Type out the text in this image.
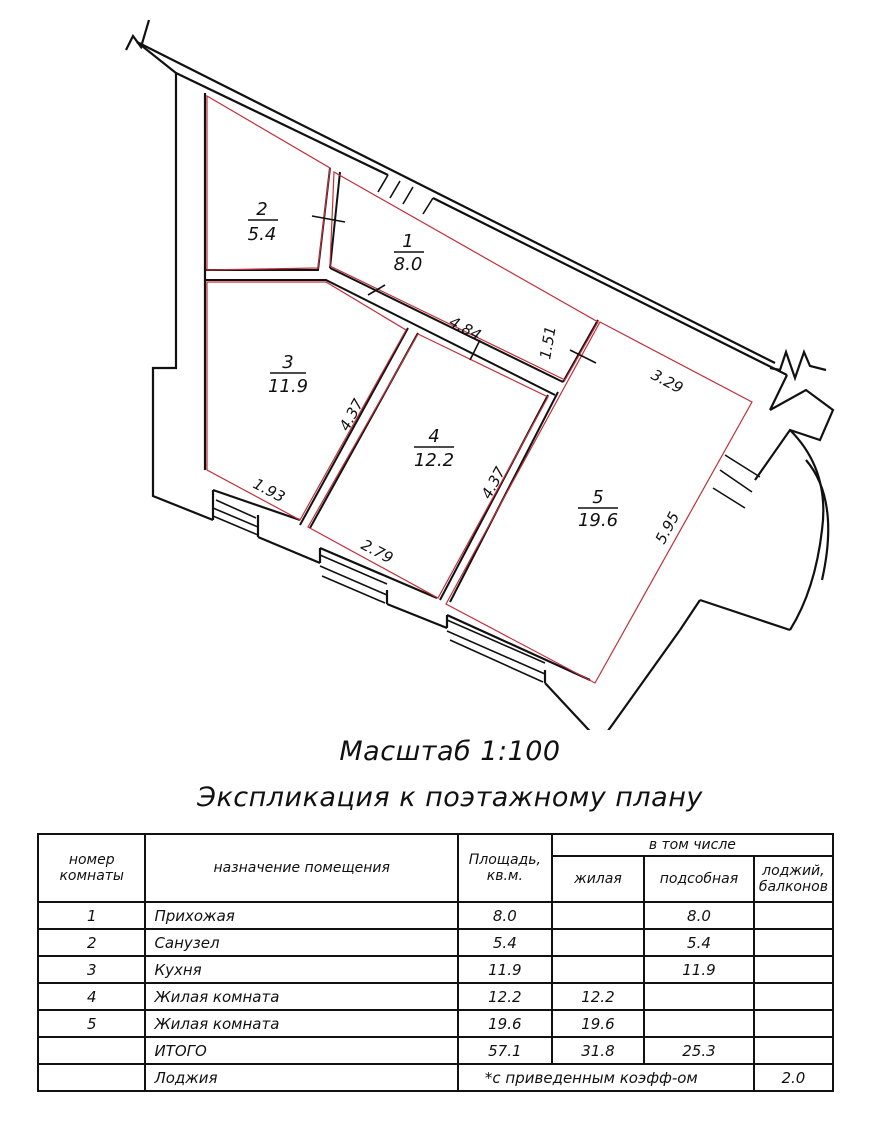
2
5.4	1
8.0
3
11.9
4
12.2
5
19.6
4.84	1.51
3.29
4.37
4.37
1.93
2.79
5.95
Масштаб 1:100
Экспликация к поэтажному плану
номер комнаты	назначение помещения	Площадь, кв.м.	в том числе		
			жилая	подсобная	лоджий, балконов
1	Прихожая	8.0		8.0	
2	Санузел	5.4		5.4	
3	Кухня	11.9		11.9	
4	Жилая комната	12.2	12.2		
5	Жилая комната	19.6	19.6		
	ИТОГО	57.1	31.8	25.3	
	Лоджия	*с приведенным коэфф-ом			2.0
